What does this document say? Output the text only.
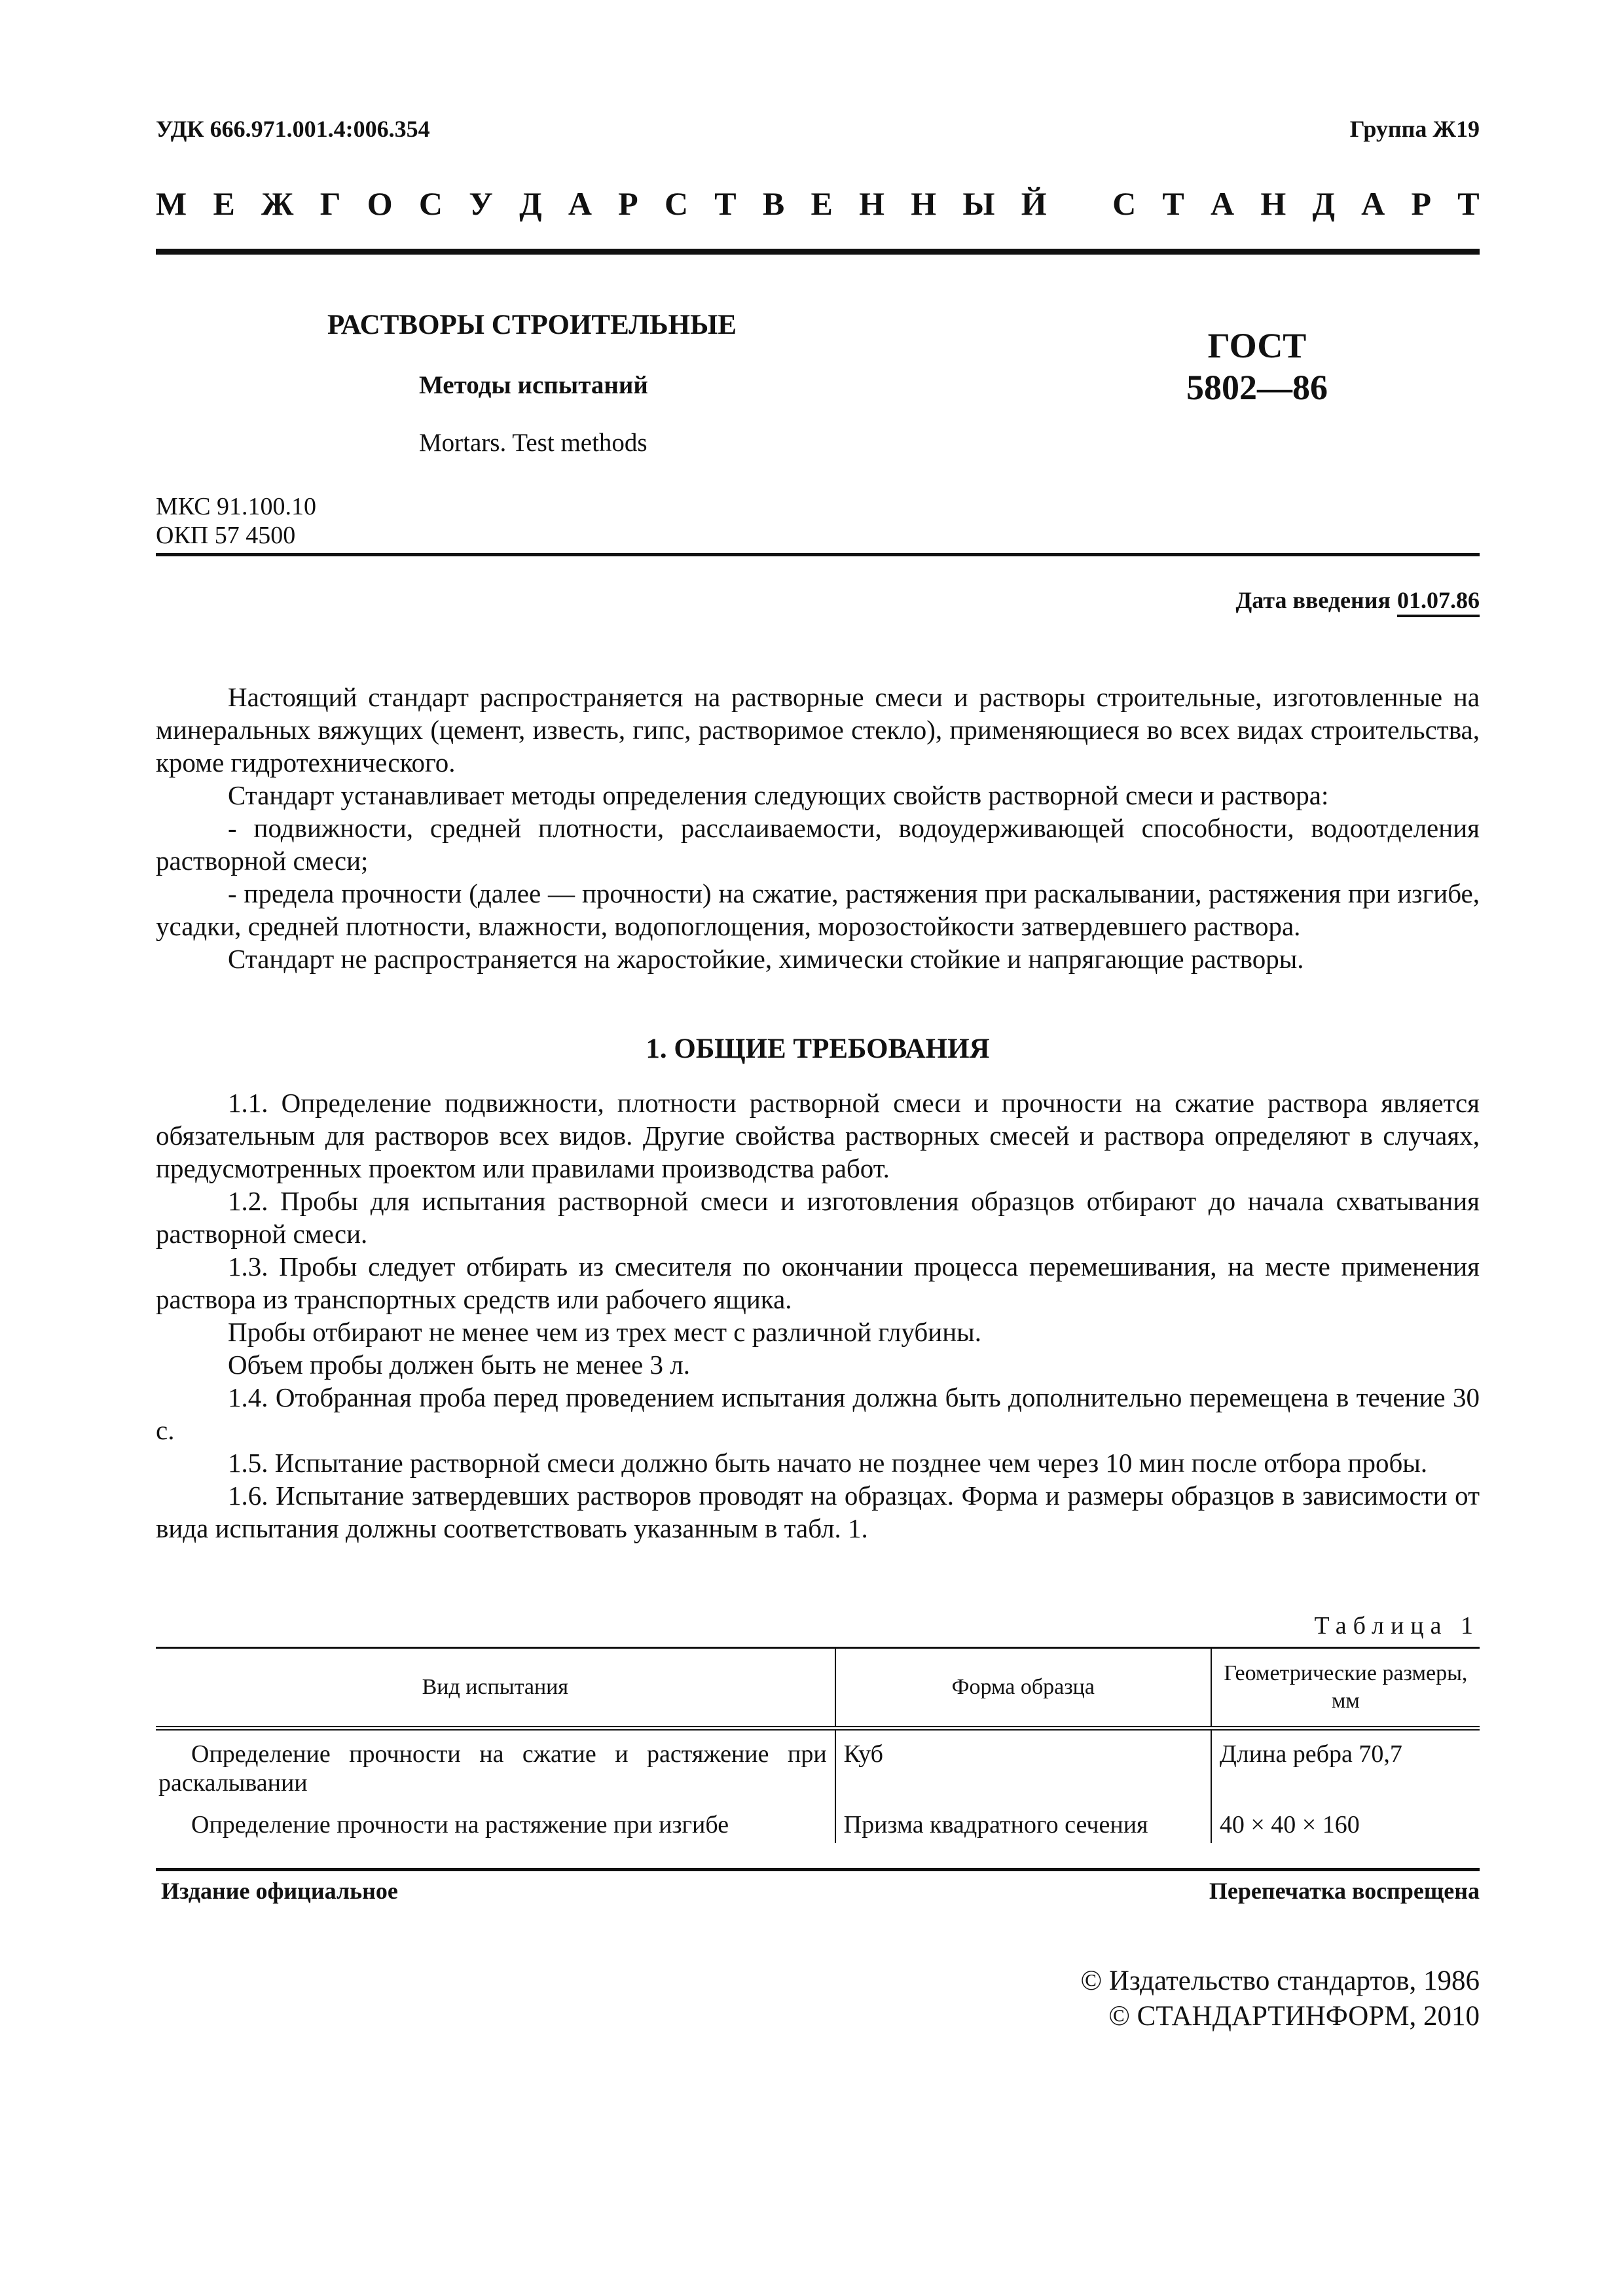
УДК 666.971.001.4:006.354	Группа Ж19
М Е Ж Г О С У Д А Р С Т В Е Н Н Ы Й С Т А Н Д А Р Т
РАСТВОРЫ СТРОИТЕЛЬНЫЕ
Методы испытаний
Mortars. Test methods
ГОСТ
5802—86
МКС 91.100.10
ОКП 57 4500
Дата введения 01.07.86

Настоящий стандарт распространяется на растворные смеси и растворы строительные, изготовленные на минеральных вяжущих (цемент, известь, гипс, растворимое стекло), применяющиеся во всех видах строительства, кроме гидротехнического.

Стандарт устанавливает методы определения следующих свойств растворной смеси и раствора:

- подвижности, средней плотности, расслаиваемости, водоудерживающей способности, водоотделения растворной смеси;

- предела прочности (далее — прочности) на сжатие, растяжения при раскалывании, растяжения при изгибе, усадки, средней плотности, влажности, водопоглощения, морозостойкости затвердевшего раствора.

Стандарт не распространяется на жаростойкие, химически стойкие и напрягающие растворы.

1. ОБЩИЕ ТРЕБОВАНИЯ

1.1. Определение подвижности, плотности растворной смеси и прочности на сжатие раствора является обязательным для растворов всех видов. Другие свойства растворных смесей и раствора определяют в случаях, предусмотренных проектом или правилами производства работ.

1.2. Пробы для испытания растворной смеси и изготовления образцов отбирают до начала схватывания растворной смеси.

1.3. Пробы следует отбирать из смесителя по окончании процесса перемешивания, на месте применения раствора из транспортных средств или рабочего ящика.

Пробы отбирают не менее чем из трех мест с различной глубины.

Объем пробы должен быть не менее 3 л.

1.4. Отобранная проба перед проведением испытания должна быть дополнительно перемещена в течение 30 с.

1.5. Испытание растворной смеси должно быть начато не позднее чем через 10 мин после отбора пробы.

1.6. Испытание затвердевших растворов проводят на образцах. Форма и размеры образцов в зависимости от вида испытания должны соответствовать указанным в табл. 1.

Таблица 1
Вид испытания	Форма образца	Геометрические размеры, мм
Определение прочности на сжатие и растяжение при раскалывании	Куб	Длина ребра 70,7
Определение прочности на растяжение при изгибе	Призма квадратного сечения	40 × 40 × 160
Издание официальное	Перепечатка воспрещена
© Издательство стандартов, 1986
© СТАНДАРТИНФОРМ, 2010
